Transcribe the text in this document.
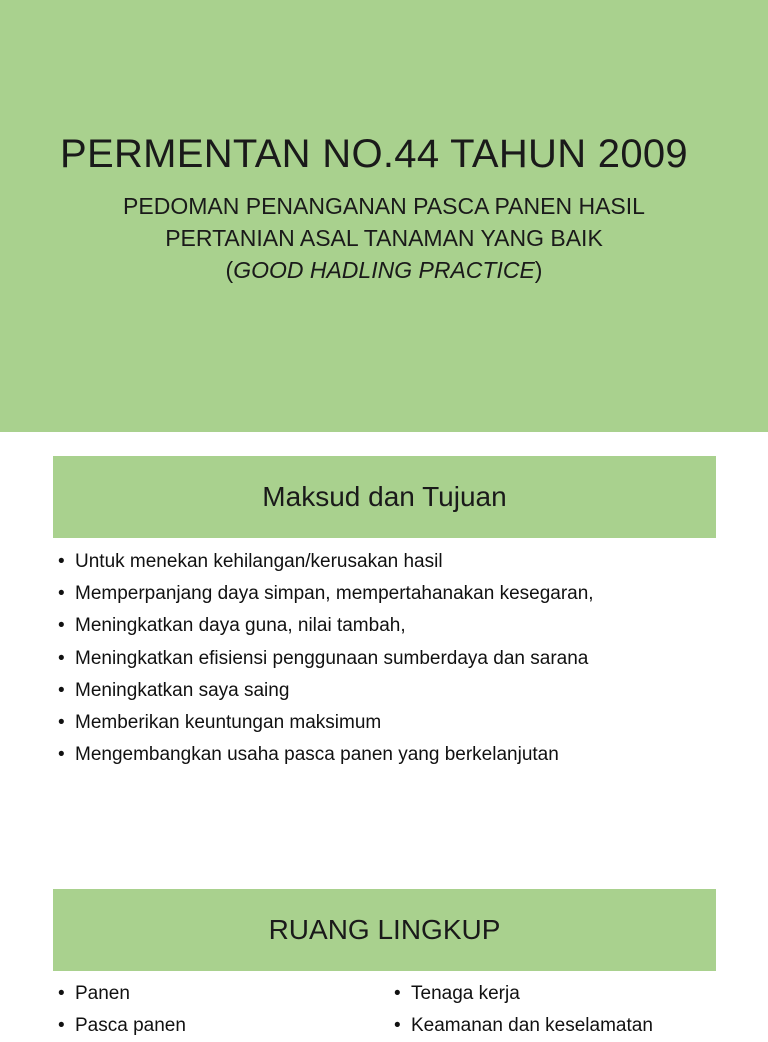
PERMENTAN NO.44 TAHUN 2009
PEDOMAN PENANGANAN PASCA PANEN HASIL
PERTANIAN ASAL TANAMAN YANG BAIK
(GOOD HADLING PRACTICE)
Maksud dan Tujuan
• Untuk menekan kehilangan/kerusakan hasil
• Memperpanjang daya simpan, mempertahanakan kesegaran,
• Meningkatkan daya guna, nilai tambah,
• Meningkatkan efisiensi penggunaan sumberdaya dan sarana
• Meningkatkan saya saing
• Memberikan keuntungan maksimum
• Mengembangkan usaha pasca panen yang berkelanjutan
RUANG LINGKUP
• Panen
• Pasca panen
• Tenaga kerja
• Keamanan dan keselamatan
